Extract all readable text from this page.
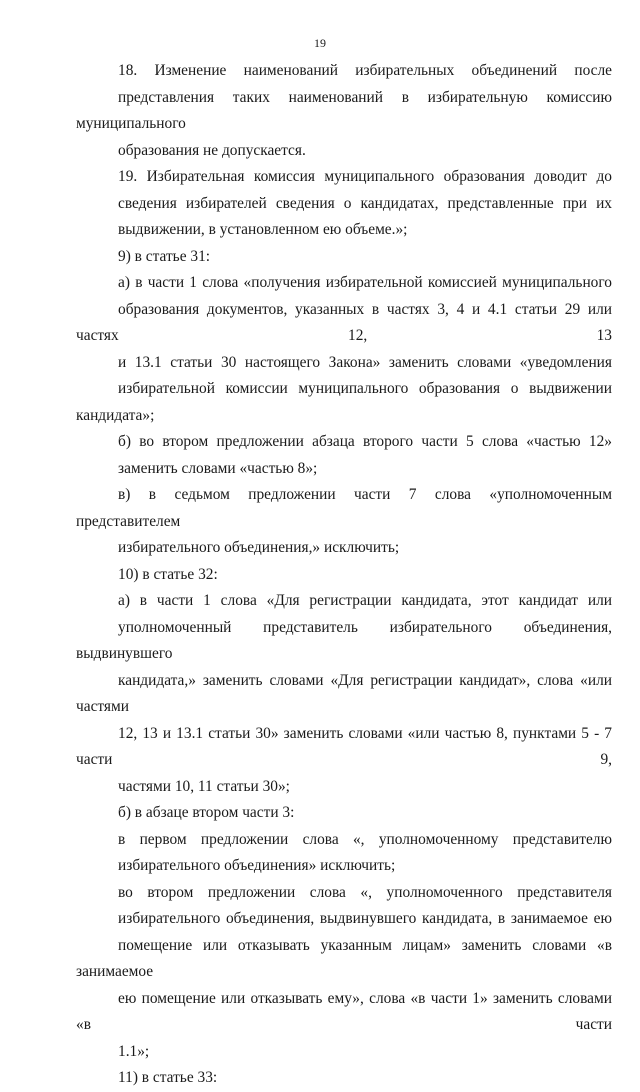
19

18. Изменение наименований избирательных объединений после
представления таких наименований в избирательную комиссию муниципального
образования не допускается.

19. Избирательная комиссия муниципального образования доводит до
сведения избирателей сведения о кандидатах, представленные при их
выдвижении, в установленном ею объеме.»;

9) в статье 31:

а) в части 1 слова «получения избирательной комиссией муниципального
образования документов, указанных в частях 3, 4 и 4.1 статьи 29 или частях 12, 13
и 13.1 статьи 30 настоящего Закона» заменить словами «уведомления
избирательной комиссии муниципального образования о выдвижении кандидата»;

б) во втором предложении абзаца второго части 5 слова «частью 12»
заменить словами «частью 8»;

в) в седьмом предложении части 7 слова «уполномоченным представителем
избирательного объединения,» исключить;

10) в статье 32:

а) в части 1 слова «Для регистрации кандидата, этот кандидат или
уполномоченный представитель избирательного объединения, выдвинувшего
кандидата,» заменить словами «Для регистрации кандидат», слова «или частями
12, 13 и 13.1 статьи 30» заменить словами «или частью 8, пунктами 5 - 7 части 9,
частями 10, 11 статьи 30»;

б) в абзаце втором части 3:

в первом предложении слова «, уполномоченному представителю
избирательного объединения» исключить;

во втором предложении слова «, уполномоченного представителя
избирательного объединения, выдвинувшего кандидата, в занимаемое ею
помещение или отказывать указанным лицам» заменить словами «в занимаемое
ею помещение или отказывать ему», слова «в части 1» заменить словами «в части
1.1»;

11) в статье 33:
